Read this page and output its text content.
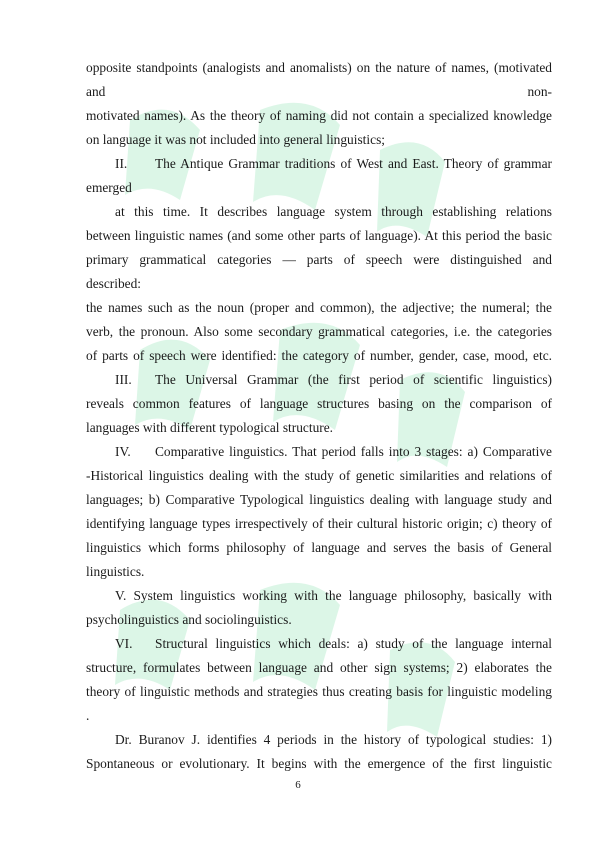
opposite standpoints (analogists and anomalists) on the nature of names, (motivated
and	non-
motivated names). As the theory of naming did not contain a specialized knowledge
on language it was not included into general linguistics;
II. The Antique Grammar traditions of West and East. Theory of grammar
emerged
at this time. It describes language system through establishing relations
between linguistic names (and some other parts of language). At this period the basic
primary grammatical categories — parts of speech were distinguished and
described:
the names such as the noun (proper and common), the adjective; the numeral; the
verb, the pronoun. Also some secondary grammatical categories, i.e. the categories
of parts of speech were identified: the category of number, gender, case, mood, etc.
III. The Universal Grammar (the first period of scientific linguistics)
reveals common features of language structures basing on the comparison of
languages with different typological structure.
IV. Comparative linguistics. That period falls into 3 stages: a) Comparative
-Historical linguistics dealing with the study of genetic similarities and relations of
languages; b) Comparative Typological linguistics dealing with language study and
identifying language types irrespectively of their cultural historic origin; c) theory of
linguistics which forms philosophy of language and serves the basis of General
linguistics.
V. System linguistics working with the language philosophy, basically with
psycholinguistics and sociolinguistics.
VI. Structural linguistics which deals: a) study of the language internal
structure, formulates between language and other sign systems; 2) elaborates the
theory of linguistic methods and strategies thus creating basis for linguistic modeling
.
Dr. Buranov J. identifies 4 periods in the history of typological studies: 1)
Spontaneous or evolutionary. It begins with the emergence of the first linguistic
6
